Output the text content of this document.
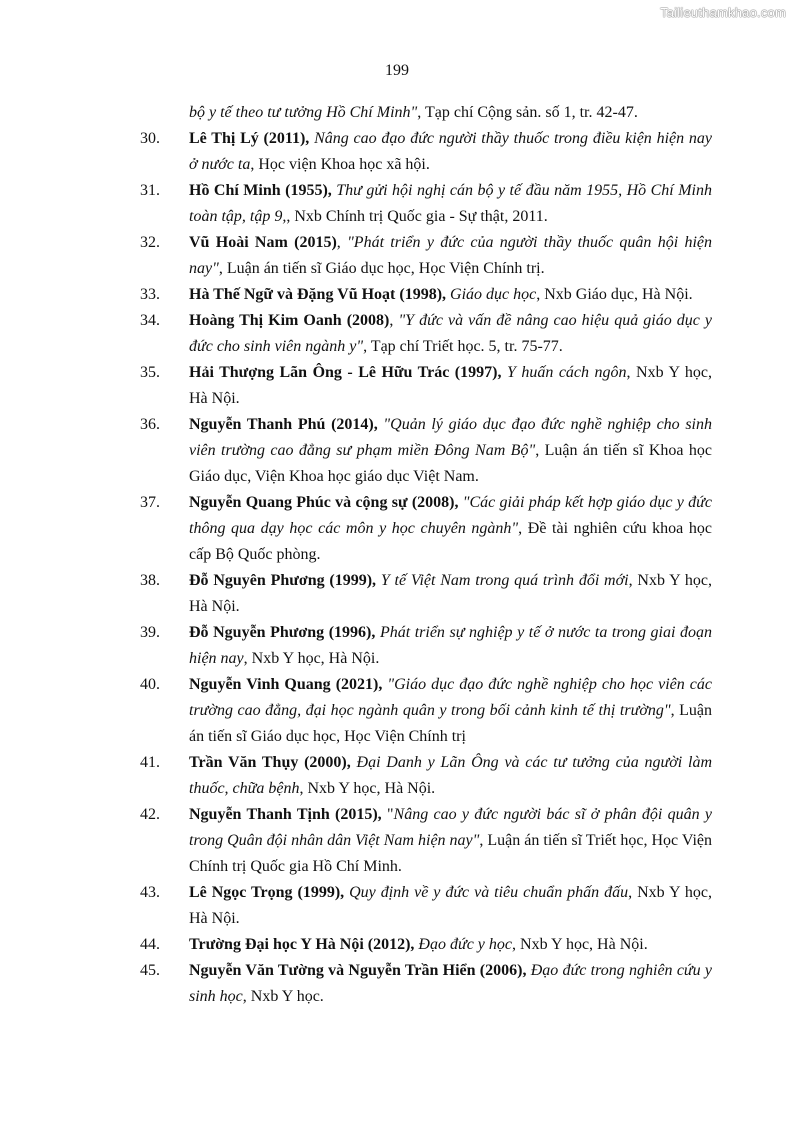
Tailieuthamkhao.com
199

bộ y tế theo tư tưởng Hồ Chí Minh", Tạp chí Cộng sản. số 1, tr. 42-47.

30. Lê Thị Lý (2011), Nâng cao đạo đức người thầy thuốc trong điều kiện hiện nay ở nước ta, Học viện Khoa học xã hội.

31. Hồ Chí Minh (1955), Thư gửi hội nghị cán bộ y tế đầu năm 1955, Hồ Chí Minh toàn tập, tập 9,, Nxb Chính trị Quốc gia - Sự thật, 2011.

32. Vũ Hoài Nam (2015), "Phát triển y đức của người thầy thuốc quân hội hiện nay", Luận án tiến sĩ Giáo dục học, Học Viện Chính trị.

33. Hà Thế Ngữ và Đặng Vũ Hoạt (1998), Giáo dục học, Nxb Giáo dục, Hà Nội.

34. Hoàng Thị Kim Oanh (2008), "Y đức và vấn đề nâng cao hiệu quả giáo dục y đức cho sinh viên ngành y", Tạp chí Triết học. 5, tr. 75-77.

35. Hải Thượng Lãn Ông - Lê Hữu Trác (1997), Y huấn cách ngôn, Nxb Y học, Hà Nội.

36. Nguyễn Thanh Phú (2014), "Quản lý giáo dục đạo đức nghề nghiệp cho sinh viên trường cao đẳng sư phạm miền Đông Nam Bộ", Luận án tiến sĩ Khoa học Giáo dục, Viện Khoa học giáo dục Việt Nam.

37. Nguyễn Quang Phúc và cộng sự (2008), "Các giải pháp kết hợp giáo dục y đức thông qua dạy học các môn y học chuyên ngành", Đề tài nghiên cứu khoa học cấp Bộ Quốc phòng.

38. Đỗ Nguyên Phương (1999), Y tế Việt Nam trong quá trình đổi mới, Nxb Y học, Hà Nội.

39. Đỗ Nguyễn Phương (1996), Phát triển sự nghiệp y tế ở nước ta trong giai đoạn hiện nay, Nxb Y học, Hà Nội.

40. Nguyễn Vinh Quang (2021), "Giáo dục đạo đức nghề nghiệp cho học viên các trường cao đẳng, đại học ngành quân y trong bối cảnh kinh tế thị trường", Luận án tiến sĩ Giáo dục học, Học Viện Chính trị

41. Trần Văn Thụy (2000), Đại Danh y Lãn Ông và các tư tưởng của người làm thuốc, chữa bệnh, Nxb Y học, Hà Nội.

42. Nguyễn Thanh Tịnh (2015), "Nâng cao y đức người bác sĩ ở phân đội quân y trong Quân đội nhân dân Việt Nam hiện nay", Luận án tiến sĩ Triết học, Học Viện Chính trị Quốc gia Hồ Chí Minh.

43. Lê Ngọc Trọng (1999), Quy định về y đức và tiêu chuẩn phấn đấu, Nxb Y học, Hà Nội.

44. Trường Đại học Y Hà Nội (2012), Đạo đức y học, Nxb Y học, Hà Nội.

45. Nguyễn Văn Tường và Nguyễn Trần Hiển (2006), Đạo đức trong nghiên cứu y sinh học, Nxb Y học.
